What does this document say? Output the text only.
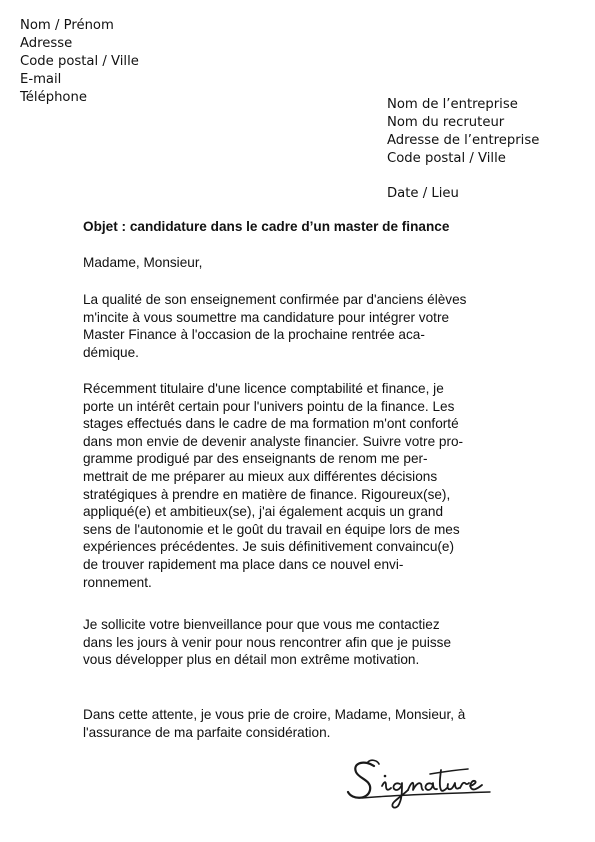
Nom / Prénom
Adresse
Code postal / Ville
E-mail
Téléphone	Nom de l’entreprise
Nom du recruteur
Adresse de l’entreprise
Code postal / Ville
Date / Lieu
Objet : candidature dans le cadre d’un master de finance
Madame, Monsieur,
La qualité de son enseignement confirmée par d'anciens élèves
m'incite à vous soumettre ma candidature pour intégrer votre
Master Finance à l'occasion de la prochaine rentrée aca-
démique.
Récemment titulaire d'une licence comptabilité et finance, je
porte un intérêt certain pour l'univers pointu de la finance. Les
stages effectués dans le cadre de ma formation m'ont conforté
dans mon envie de devenir analyste financier. Suivre votre pro-
gramme prodigué par des enseignants de renom me per-
mettrait de me préparer au mieux aux différentes décisions
stratégiques à prendre en matière de finance. Rigoureux(se),
appliqué(e) et ambitieux(se), j'ai également acquis un grand
sens de l'autonomie et le goût du travail en équipe lors de mes
expériences précédentes. Je suis définitivement convaincu(e)
de trouver rapidement ma place dans ce nouvel envi-
ronnement.
Je sollicite votre bienveillance pour que vous me contactiez
dans les jours à venir pour nous rencontrer afin que je puisse
vous développer plus en détail mon extrême motivation.
Dans cette attente, je vous prie de croire, Madame, Monsieur, à
l'assurance de ma parfaite considération.
